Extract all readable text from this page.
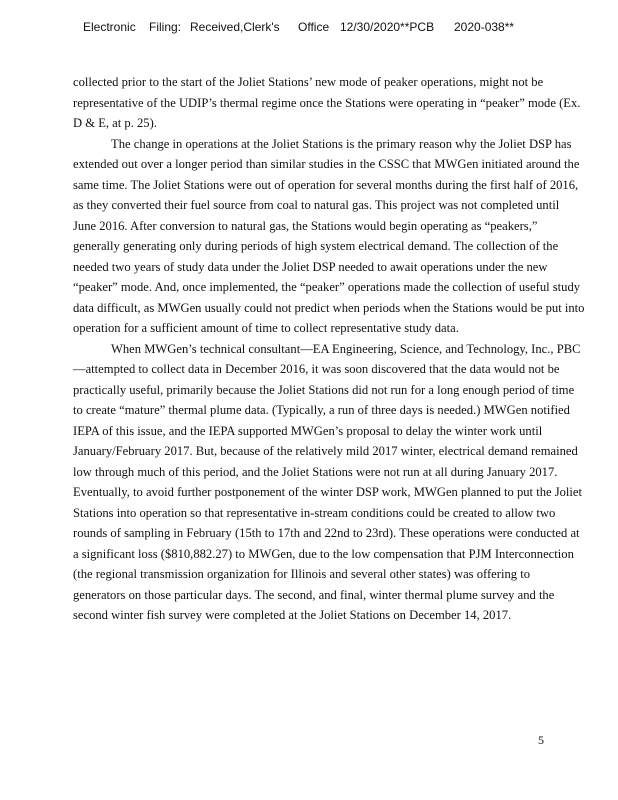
Electronic Filing: Received,Clerk's Office 12/30/2020**PCB 2020-038**

collected prior to the start of the Joliet Stations’ new mode of peaker operations, might not be representative of the UDIP’s thermal regime once the Stations were operating in “peaker” mode (Ex. D & E, at p. 25).

The change in operations at the Joliet Stations is the primary reason why the Joliet DSP has extended out over a longer period than similar studies in the CSSC that MWGen initiated around the same time. The Joliet Stations were out of operation for several months during the first half of 2016, as they converted their fuel source from coal to natural gas. This project was not completed until June 2016. After conversion to natural gas, the Stations would begin operating as “peakers,” generally generating only during periods of high system electrical demand. The collection of the needed two years of study data under the Joliet DSP needed to await operations under the new “peaker” mode. And, once implemented, the “peaker” operations made the collection of useful study data difficult, as MWGen usually could not predict when periods when the Stations would be put into operation for a sufficient amount of time to collect representative study data.

When MWGen’s technical consultant—EA Engineering, Science, and Technology, Inc., PBC—attempted to collect data in December 2016, it was soon discovered that the data would not be practically useful, primarily because the Joliet Stations did not run for a long enough period of time to create “mature” thermal plume data. (Typically, a run of three days is needed.) MWGen notified IEPA of this issue, and the IEPA supported MWGen’s proposal to delay the winter work until January/February 2017. But, because of the relatively mild 2017 winter, electrical demand remained low through much of this period, and the Joliet Stations were not run at all during January 2017. Eventually, to avoid further postponement of the winter DSP work, MWGen planned to put the Joliet Stations into operation so that representative in-stream conditions could be created to allow two rounds of sampling in February (15th to 17th and 22nd to 23rd). These operations were conducted at a significant loss ($810,882.27) to MWGen, due to the low compensation that PJM Interconnection (the regional transmission organization for Illinois and several other states) was offering to generators on those particular days. The second, and final, winter thermal plume survey and the second winter fish survey were completed at the Joliet Stations on December 14, 2017.

5
